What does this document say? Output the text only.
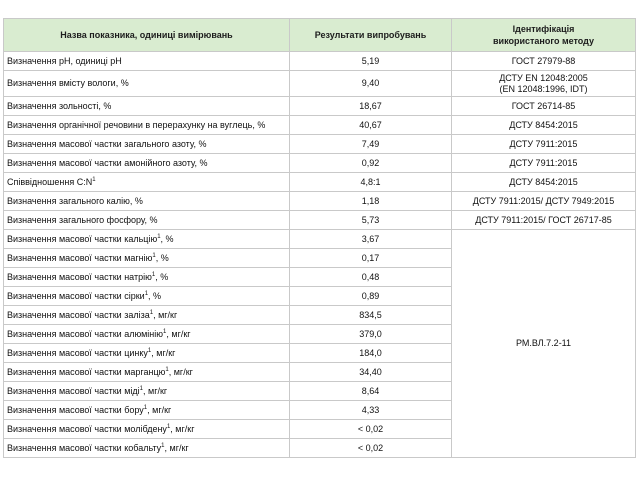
Назва показника, одиниці вимірювань	Результати випробувань	Ідентифікація
використаного методу

Визначення рН, одиниці рН	5,19	ГОСТ 27979-88
Визначення вмісту вологи, %	9,40	ДСТУ EN 12048:2005
(EN 12048:1996, IDT)

Визначення зольності, %	18,67	ГОСТ 26714-85
Визначення органічної речовини в перерахунку на вуглець, %	40,67	ДСТУ 8454:2015
Визначення масової частки загального азоту, %	7,49	ДСТУ 7911:2015
Визначення масової частки амонійного азоту, %	0,92	ДСТУ 7911:2015
Співвідношення $C:N^1$	4,8:1	ДСТУ 8454:2015
Визначення загального калію, %	1,18	ДСТУ 7911:2015/ ДСТУ 7949:2015
Визначення загального фосфору, %	5,73	ДСТУ 7911:2015/ ГОСТ 26717-85
Визначення масової частки кальцію$^1$, %	3,67	РМ.ВЛ.7.2-11
Визначення масової частки магнію$^1$, %	0,17	
Визначення масової частки натрію$^1$, %	0,48	
Визначення масової частки сірки$^1$, %	0,89	
Визначення масової частки заліза$^1$, мг/кг	834,5	
Визначення масової частки алюмінію$^1$, мг/кг	379,0	
Визначення масової частки цинку$^1$, мг/кг	184,0	
Визначення масової частки марганцю$^1$, мг/кг	34,40	
Визначення масової частки міді$^1$, мг/кг	8,64	
Визначення масової частки бору$^1$, мг/кг	4,33	
Визначення масової частки молібдену$^1$, мг/кг	< 0,02	
Визначення масової частки кобальту$^1$, мг/кг	< 0,02	
